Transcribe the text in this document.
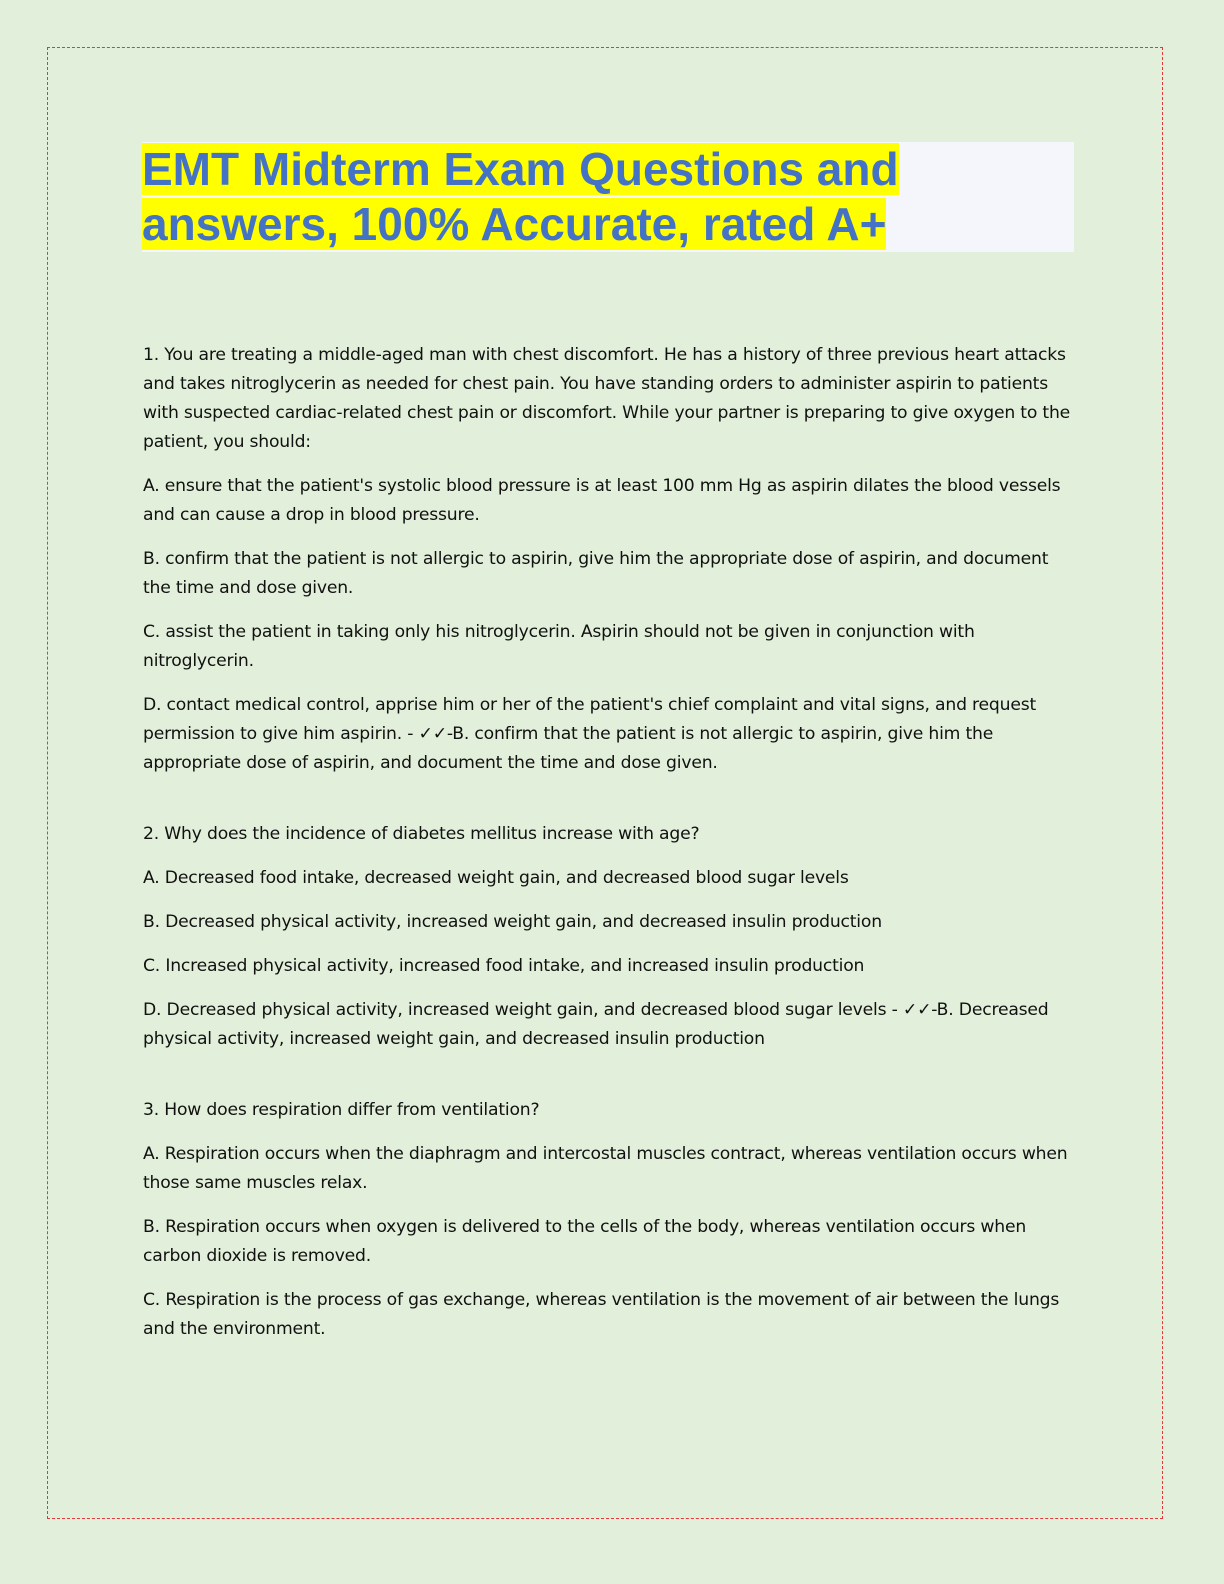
EMT Midterm Exam Questions and
answers, 100% Accurate, rated A+

1. You are treating a middle-aged man with chest discomfort. He has a history of three previous heart attacks and takes nitroglycerin as needed for chest pain. You have standing orders to administer aspirin to patients with suspected cardiac-related chest pain or discomfort. While your partner is preparing to give oxygen to the patient, you should:

A. ensure that the patient's systolic blood pressure is at least 100 mm Hg as aspirin dilates the blood vessels and can cause a drop in blood pressure.

B. confirm that the patient is not allergic to aspirin, give him the appropriate dose of aspirin, and document the time and dose given.

C. assist the patient in taking only his nitroglycerin. Aspirin should not be given in conjunction with nitroglycerin.

D. contact medical control, apprise him or her of the patient's chief complaint and vital signs, and request permission to give him aspirin. - ✓✓-B. confirm that the patient is not allergic to aspirin, give him the appropriate dose of aspirin, and document the time and dose given.

2. Why does the incidence of diabetes mellitus increase with age?

A. Decreased food intake, decreased weight gain, and decreased blood sugar levels

B. Decreased physical activity, increased weight gain, and decreased insulin production

C. Increased physical activity, increased food intake, and increased insulin production

D. Decreased physical activity, increased weight gain, and decreased blood sugar levels - ✓✓-B. Decreased physical activity, increased weight gain, and decreased insulin production

3. How does respiration differ from ventilation?

A. Respiration occurs when the diaphragm and intercostal muscles contract, whereas ventilation occurs when those same muscles relax.

B. Respiration occurs when oxygen is delivered to the cells of the body, whereas ventilation occurs when carbon dioxide is removed.

C. Respiration is the process of gas exchange, whereas ventilation is the movement of air between the lungs and the environment.
